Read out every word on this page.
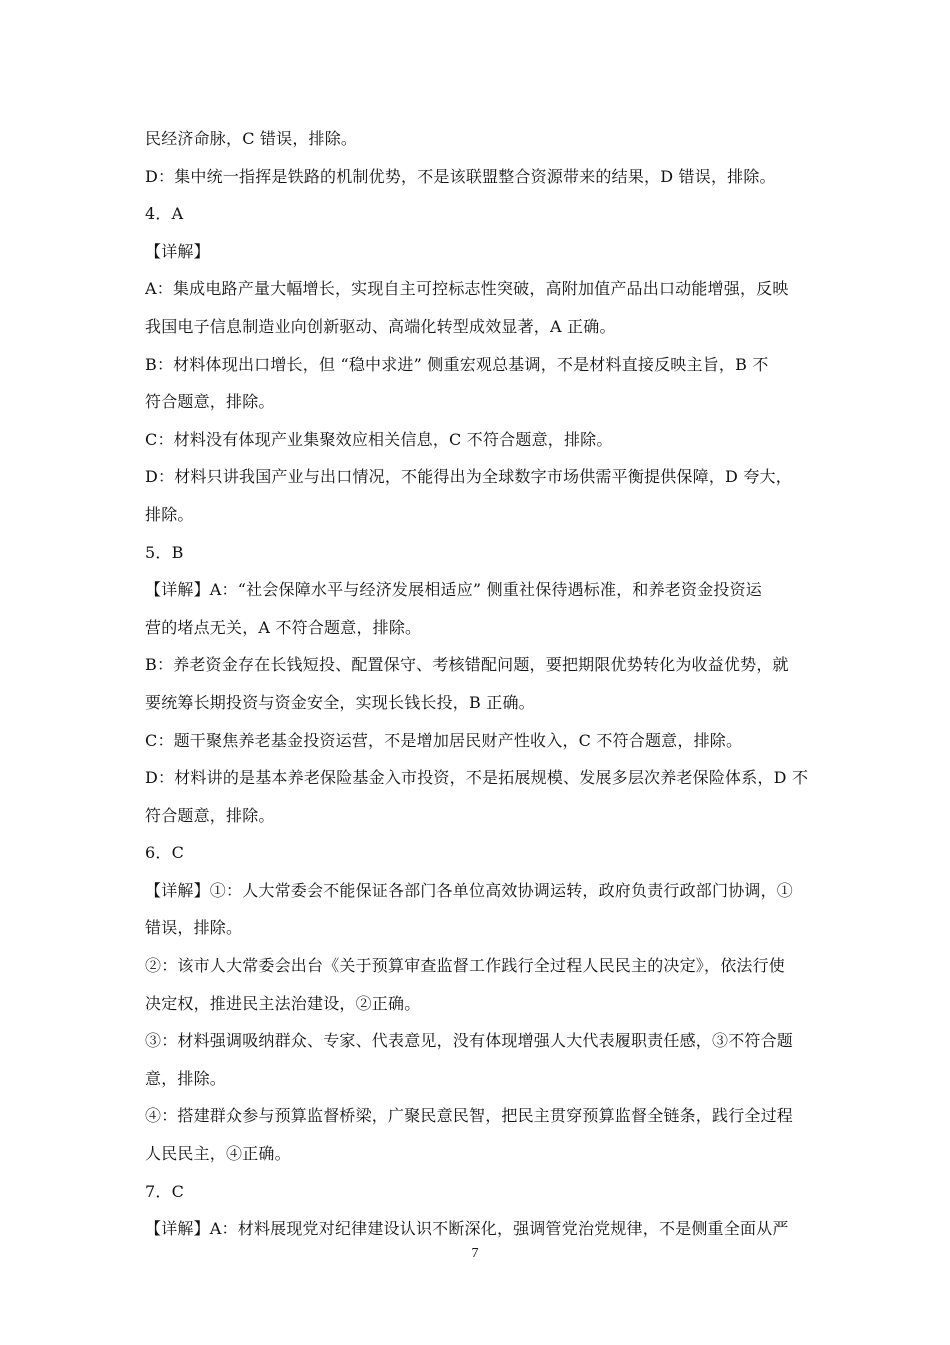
民经济命脉，C 错误，排除。
D：集中统一指挥是铁路的机制优势，不是该联盟整合资源带来的结果，D 错误，排除。
4．A
【详解】
A：集成电路产量大幅增长，实现自主可控标志性突破，高附加值产品出口动能增强，反映
我国电子信息制造业向创新驱动、高端化转型成效显著，A 正确。
B：材料体现出口增长，但 “稳中求进” 侧重宏观总基调，不是材料直接反映主旨，B 不
符合题意，排除。
C：材料没有体现产业集聚效应相关信息，C 不符合题意，排除。
D：材料只讲我国产业与出口情况，不能得出为全球数字市场供需平衡提供保障，D 夸大，
排除。
5．B
【详解】A：“社会保障水平与经济发展相适应” 侧重社保待遇标准，和养老资金投资运
营的堵点无关，A 不符合题意，排除。
B：养老资金存在长钱短投、配置保守、考核错配问题，要把期限优势转化为收益优势，就
要统筹长期投资与资金安全，实现长钱长投，B 正确。
C：题干聚焦养老基金投资运营，不是增加居民财产性收入，C 不符合题意，排除。
D：材料讲的是基本养老保险基金入市投资，不是拓展规模、发展多层次养老保险体系，D 不
符合题意，排除。
6．C
【详解】①：人大常委会不能保证各部门各单位高效协调运转，政府负责行政部门协调，①
错误，排除。
②：该市人大常委会出台《关于预算审查监督工作践行全过程人民民主的决定》，依法行使
决定权，推进民主法治建设，②正确。
③：材料强调吸纳群众、专家、代表意见，没有体现增强人大代表履职责任感，③不符合题
意，排除。
④：搭建群众参与预算监督桥梁，广聚民意民智，把民主贯穿预算监督全链条，践行全过程
人民民主，④正确。
7．C
【详解】A：材料展现党对纪律建设认识不断深化，强调管党治党规律，不是侧重全面从严
7
